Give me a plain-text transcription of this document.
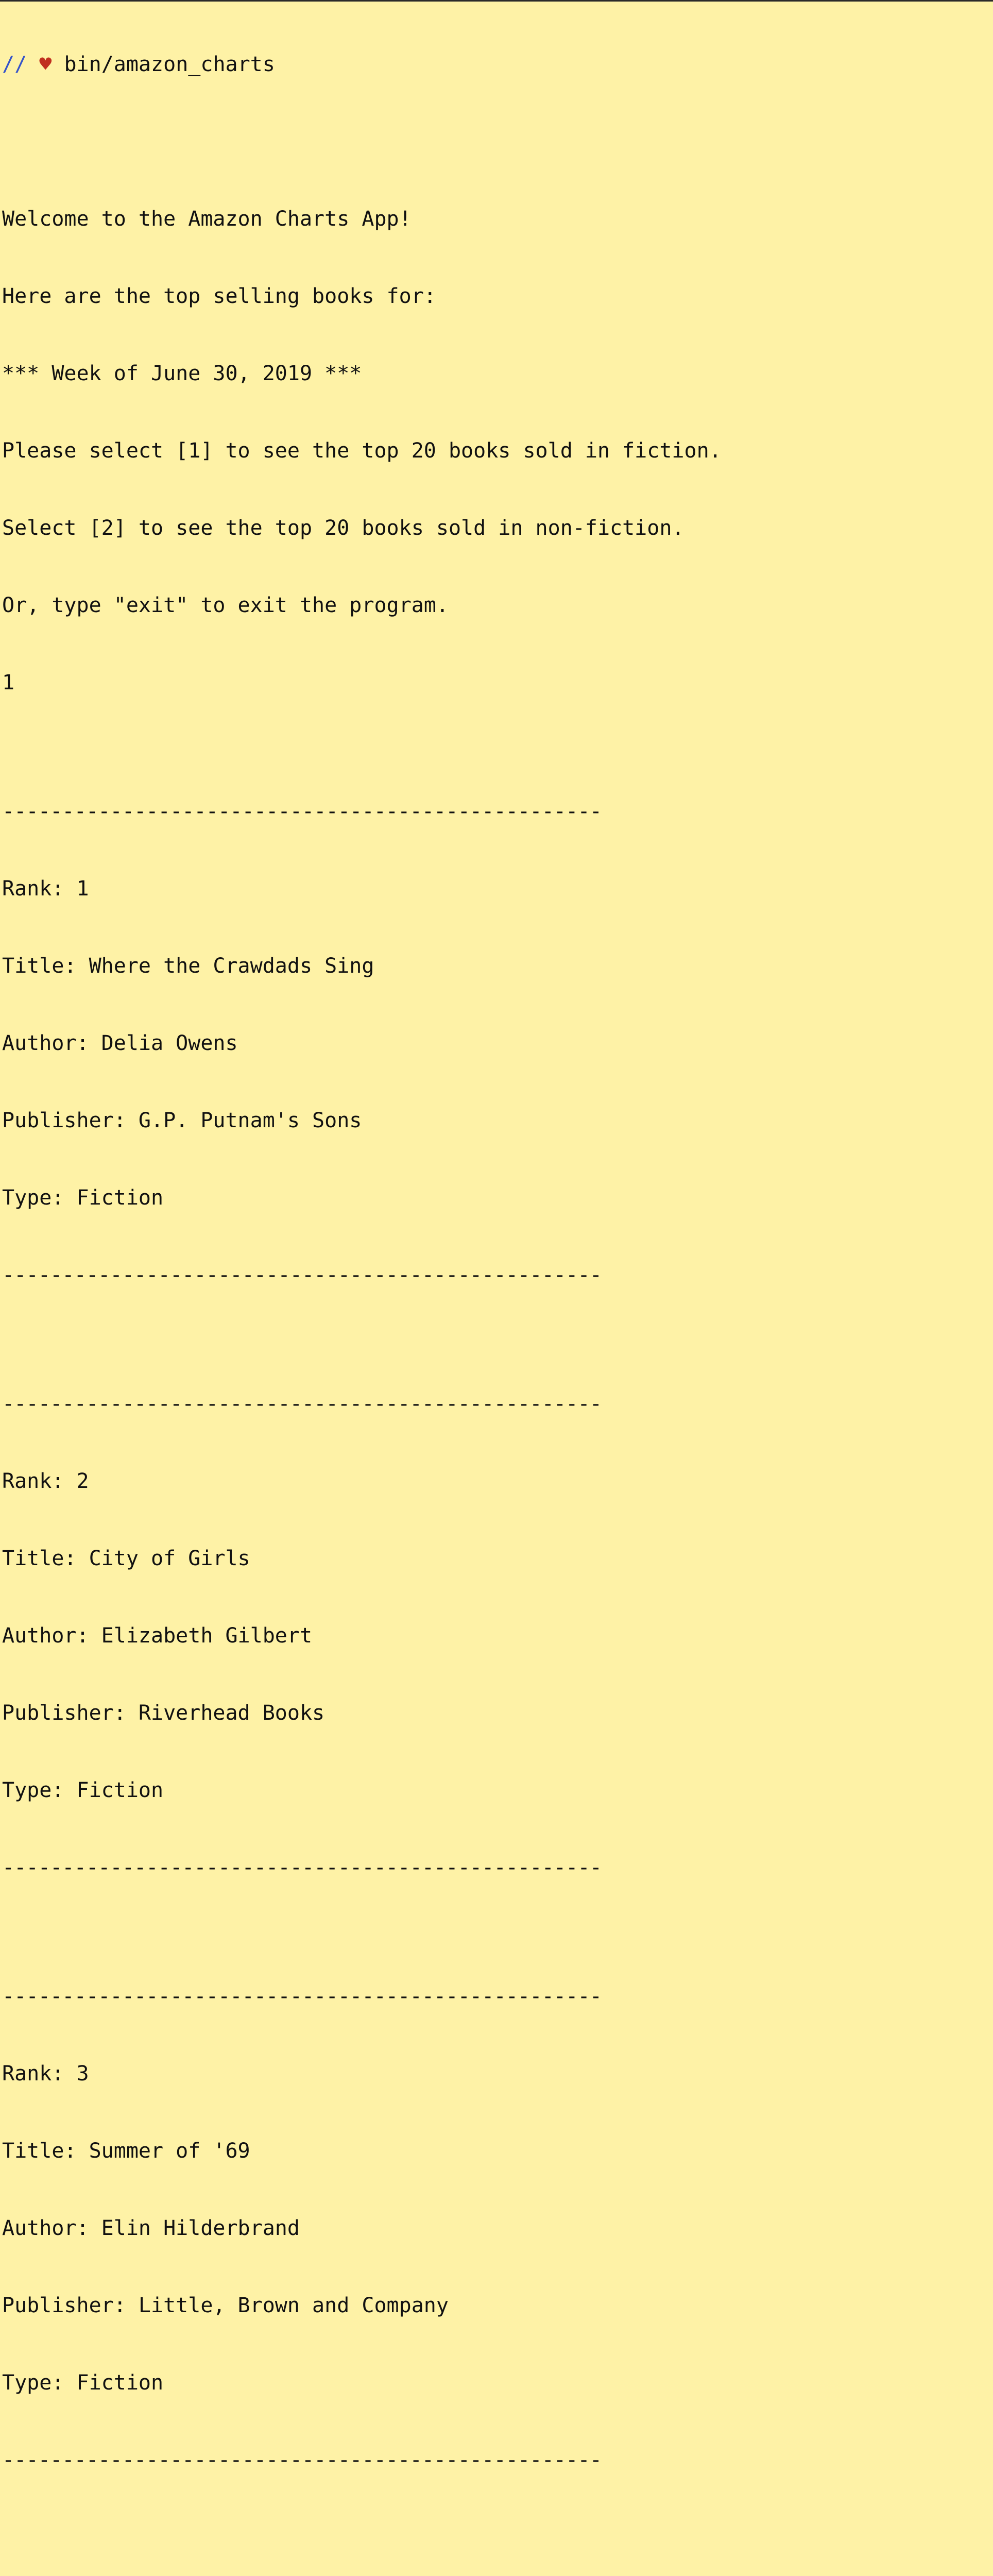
// ♥ bin/amazon_charts

Welcome to the Amazon Charts App!

Here are the top selling books for:

*** Week of June 30, 2019 ***

Please select [1] to see the top 20 books sold in fiction.

Select [2] to see the top 20 books sold in non-fiction.

Or, type "exit" to exit the program.

1

--------------------------------------------------

Rank: 1

Title: Where the Crawdads Sing

Author: Delia Owens

Publisher: G.P. Putnam's Sons

Type: Fiction

--------------------------------------------------

--------------------------------------------------

Rank: 2

Title: City of Girls

Author: Elizabeth Gilbert

Publisher: Riverhead Books

Type: Fiction

--------------------------------------------------

--------------------------------------------------

Rank: 3

Title: Summer of '69

Author: Elin Hilderbrand

Publisher: Little, Brown and Company

Type: Fiction

--------------------------------------------------
